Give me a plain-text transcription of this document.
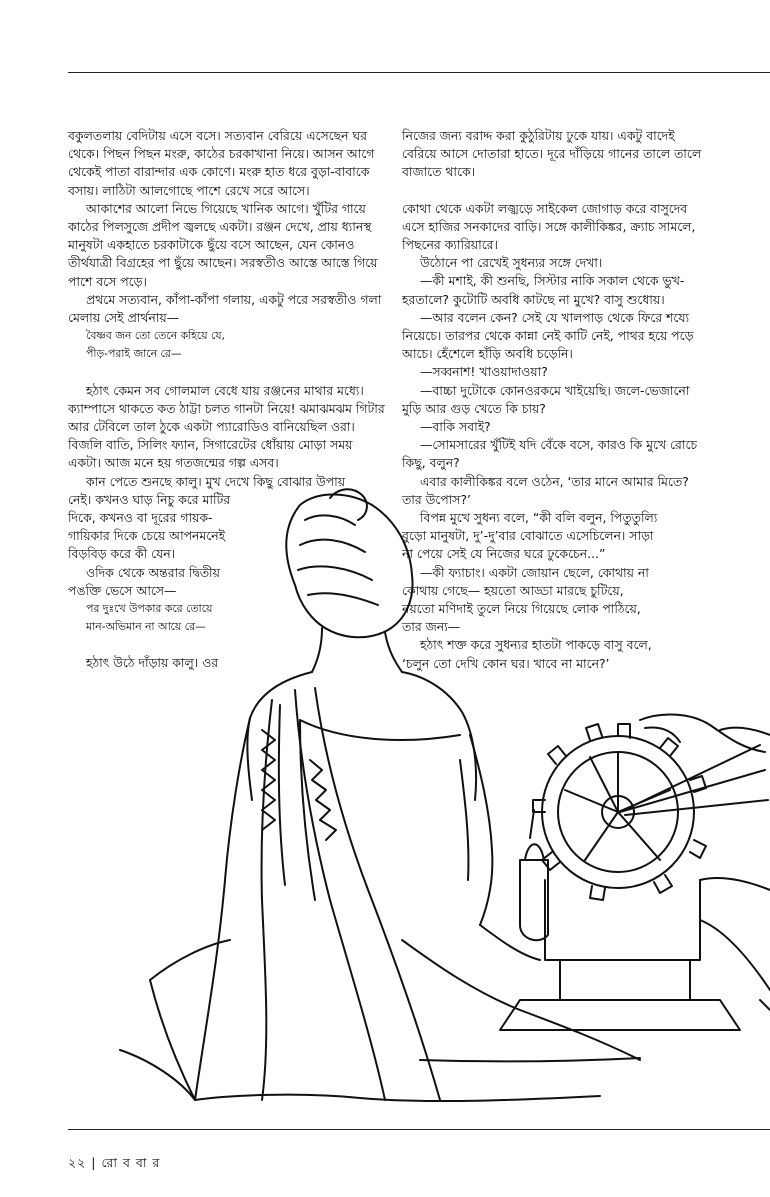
বকুলতলায় বেদিটায় এসে বসে। সত্যবান বেরিয়ে এসেছেন ঘর

থেকে। পিছন পিছন মংরু, কাঠের চরকাখানা নিয়ে। আসন আগে

থেকেই পাতা বারান্দার এক কোণে। মংরু হাত ধরে বুড়া-বাবাকে

বসায়। লাঠিটা আলগোছে পাশে রেখে সরে আসে।

আকাশের আলো নিভে গিয়েছে খানিক আগে। খুঁটির গায়ে

কাঠের পিলসুজে প্রদীপ জ্বলছে একটা। রঞ্জন দেখে, প্রায় ধ্যানস্থ

মানুষটা একহাতে চরকাটাকে ছুঁয়ে বসে আছেন, যেন কোনও

তীর্থযাত্রী বিগ্রহের পা ছুঁয়ে আছেন। সরস্বতীও আস্তে আস্তে গিয়ে

পাশে বসে পড়ে।

প্রথমে সত্যবান, কাঁপা-কাঁপা গলায়, একটু পরে সরস্বতীও গলা

মেলায় সেই প্রার্থনায়—

বৈষ্ণব জন তো তেনে কহিয়ে যে,

পীড়-পরাই জানে রে—

হঠাৎ কেমন সব গোলমাল বেধে যায় রঞ্জনের মাথার মধ্যে।

ক্যাম্পাসে থাকতে কত ঠাট্টা চলত গানটা নিয়ে! ঝমাঝমঝম গিটার

আর টেবিলে তাল ঠুকে একটা প্যারোডিও বানিয়েছিল ওরা।

বিজলি বাতি, সিলিং ফ্যান, সিগারেটের ধোঁয়ায় মোড়া সময়

একটা। আজ মনে হয় গতজন্মের গল্প এসব।

কান পেতে শুনছে কালু। মুখ দেখে কিছু বোঝার উপায়

নেই। কখনও ঘাড় নিচু করে মাটির

দিকে, কখনও বা দূরের গায়ক-

গায়িকার দিকে চেয়ে আপনমনেই

বিড়বিড় করে কী যেন।

ওদিক থেকে অন্তরার দ্বিতীয়

পঙক্তি ভেসে আসে—

পর দুঃখে উপকার করে তোয়ে

মান-অভিমান না আয়ে রে—

হঠাৎ উঠে দাঁড়ায় কালু। ওর

নিজের জন্য বরাদ্দ করা কুঠুরিটায় ঢুকে যায়। একটু বাদেই

বেরিয়ে আসে দোতারা হাতে। দূরে দাঁড়িয়ে গানের তালে তালে

বাজাতে থাকে।

কোথা থেকে একটা লজ্ঝড়ে সাইকেল জোগাড় করে বাসুদেব

এসে হাজির সনকাদের বাড়ি। সঙ্গে কালীকিঙ্কর, ক্র্যাচ সামলে,

পিছনের ক্যারিয়ারে।

উঠোনে পা রেখেই সুধন্যর সঙ্গে দেখা।

—কী মশাই, কী শুনছি, সিস্টার নাকি সকাল থেকে ভুখ-

হরতালে? কুটোটি অবধি কাটছে না মুখে? বাসু শুধোয়।

—আর বলেন কেন? সেই যে খালপাড় থেকে ফিরে শয্যে

নিয়েচে। তারপর থেকে কান্না নেই কাটি নেই, পাথর হয়ে পড়ে

আচে। হেঁশেলে হাঁড়ি অবধি চড়েনি।

—সব্বনাশ! খাওয়াদাওয়া?

—বাচ্চা দুটোকে কোনওরকমে খাইয়েছি। জলে-ভেজানো

মুড়ি আর গুড় খেতে কি চায়?

—বাকি সবাই?

—সোমসারের খুঁটিই যদি বেঁকে বসে, কারও কি মুখে রোচে

কিছু, বলুন?

এবার কালীকিঙ্কর বলে ওঠেন, ‘তার মানে আমার মিতে?

তার উপোস?’

বিপন্ন মুখে সুধন্য বলে, “কী বলি বলুন, পিতুতুল্যি

বুড়ো মানুষটা, দু’-দু’বার বোঝাতে এসেচিলেন। সাড়া

না পেয়ে সেই যে নিজের ঘরে ঢুকেচেন...”

—কী ফ্যাচাং। একটা জোয়ান ছেলে, কোথায় না

কোথায় গেছে— হয়তো আড্ডা মারছে চুটিয়ে,

নয়তো মণিদাই তুলে নিয়ে গিয়েছে লোক পাঠিয়ে,

তার জন্য—

হঠাৎ শক্ত করে সুধন্যর হাতটা পাকড়ে বাসু বলে,

‘চলুন তো দেখি কোন ঘর। খাবে না মানে?’

২২ | রো ব বা র
